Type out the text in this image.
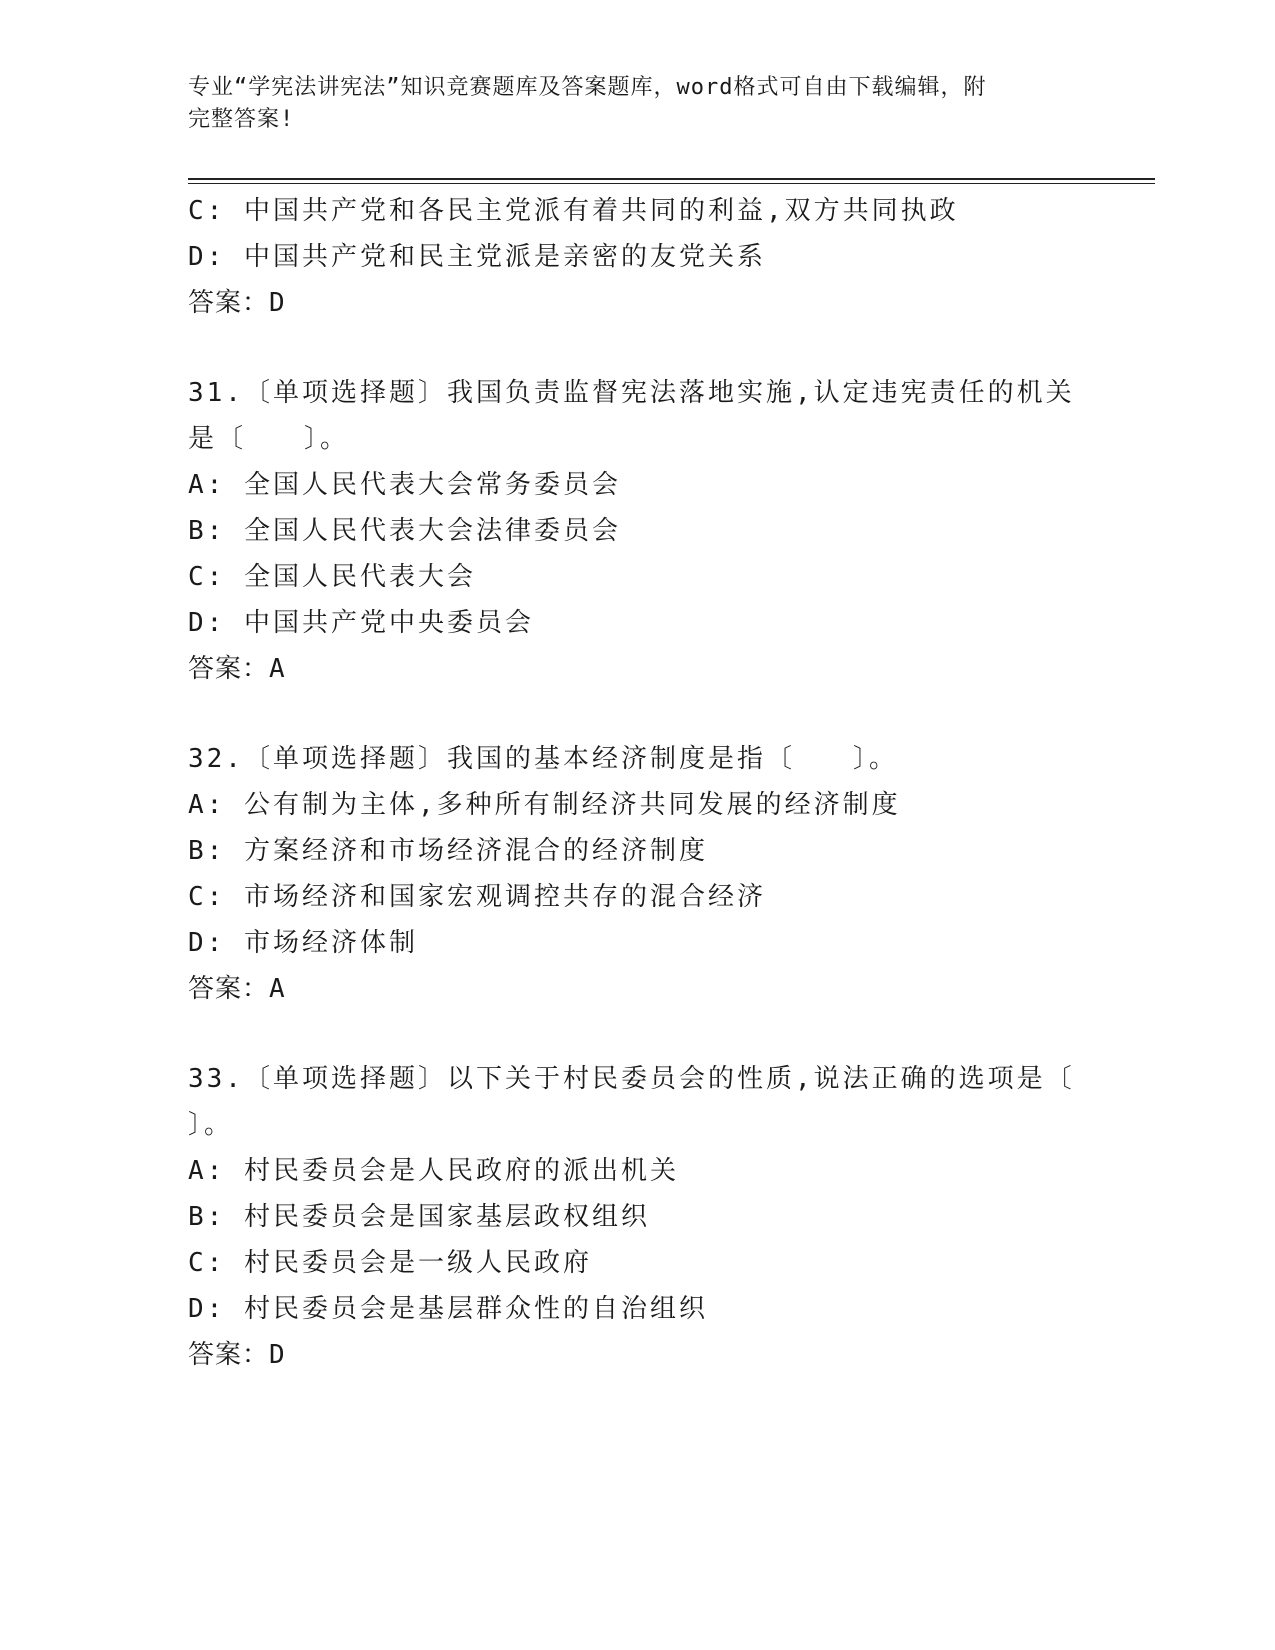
专业“学宪法讲宪法”知识竞赛题库及答案题库，word格式可自由下载编辑，附
完整答案!
C: 中国共产党和各民主党派有着共同的利益,双方共同执政
D: 中国共产党和民主党派是亲密的友党关系
答案：D
31.〔单项选择题〕我国负责监督宪法落地实施,认定违宪责任的机关
是〔　　〕。
A: 全国人民代表大会常务委员会
B: 全国人民代表大会法律委员会
C: 全国人民代表大会
D: 中国共产党中央委员会
答案：A
32.〔单项选择题〕我国的基本经济制度是指〔　　〕。
A: 公有制为主体,多种所有制经济共同发展的经济制度
B: 方案经济和市场经济混合的经济制度
C: 市场经济和国家宏观调控共存的混合经济
D: 市场经济体制
答案：A
33.〔单项选择题〕以下关于村民委员会的性质,说法正确的选项是〔
〕。
A: 村民委员会是人民政府的派出机关
B: 村民委员会是国家基层政权组织
C: 村民委员会是一级人民政府
D: 村民委员会是基层群众性的自治组织
答案：D
